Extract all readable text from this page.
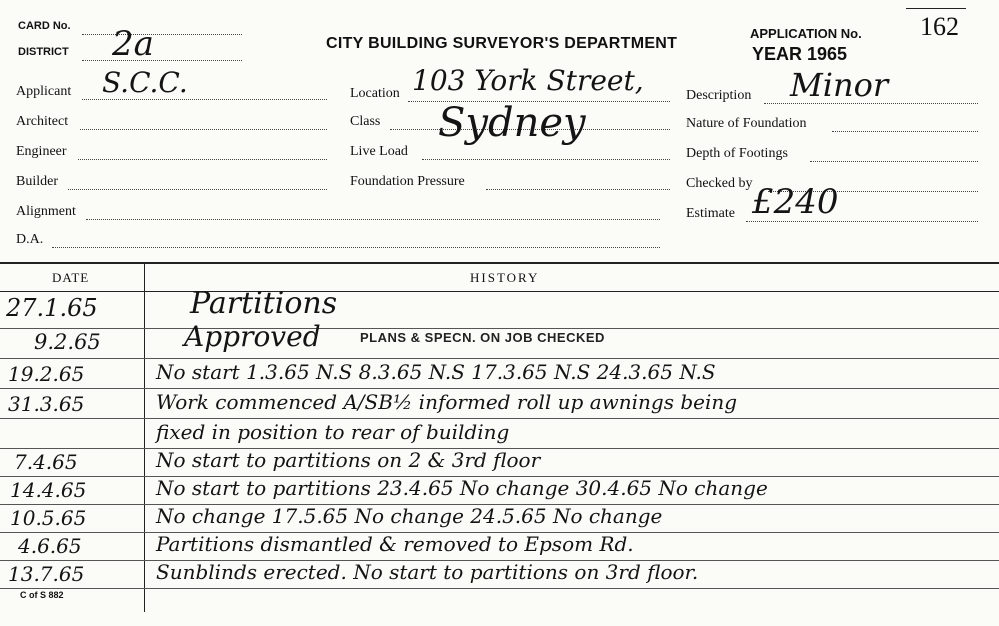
CARD No.
DISTRICT 2a	CITY BUILDING SURVEYOR'S DEPARTMENT
APPLICATION No. 162
YEAR 1965
Applicant S.C.C.
Architect
Engineer
Builder
Alignment
D.A.
Location 103 York Street,
Class Sydney
Live Load
Foundation Pressure
Description Minor
Nature of Foundation
Depth of Footings
Checked by
Estimate £240
DATE	HISTORY
27.1.65	Partitions
9.2.65	Approved	PLANS & SPECN. ON JOB CHECKED
19.2.65	No start 1.3.65 N.S 8.3.65 N.S 17.3.65 N.S 24.3.65 N.S
31.3.65	Work commenced A/SB½ informed roll up awnings being
fixed in position to rear of building
7.4.65	No start to partitions on 2 & 3rd floor
14.4.65	No start to partitions 23.4.65 No change 30.4.65 No change
10.5.65	No change 17.5.65 No change 24.5.65 No change
4.6.65	Partitions dismantled & removed to Epsom Rd.
13.7.65	Sunblinds erected. No start to partitions on 3rd floor.
C of S 882
